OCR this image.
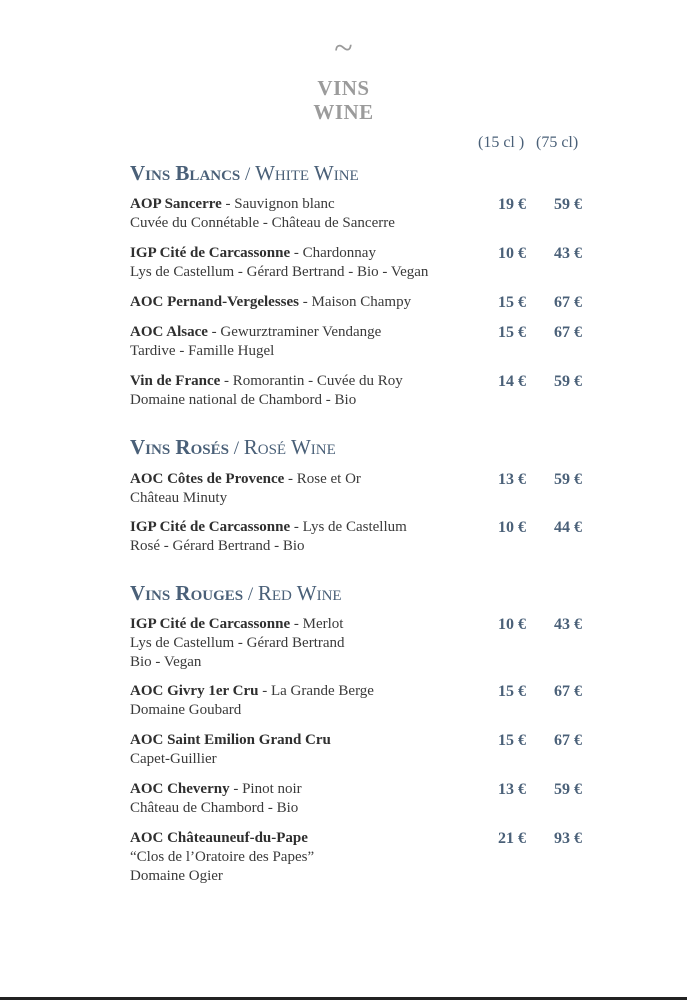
~
VINS
WINE
(15 cl ) (75 cl)
Vins Blancs / White Wine
AOP Sancerre - Sauvignon blanc
Cuvée du Connétable - Château de Sancerre
19 €	59 €
IGP Cité de Carcassonne - Chardonnay
Lys de Castellum - Gérard Bertrand - Bio - Vegan
10 €	43 €
AOC Pernand-Vergelesses - Maison Champy	15 €	67 €
AOC Alsace - Gewurztraminer Vendange
Tardive - Famille Hugel
15 €	67 €
Vin de France - Romorantin - Cuvée du Roy
Domaine national de Chambord - Bio
14 €	59 €
Vins Rosés / Rosé Wine
AOC Côtes de Provence - Rose et Or
Château Minuty
13 €	59 €
IGP Cité de Carcassonne - Lys de Castellum
Rosé - Gérard Bertrand - Bio
10 €	44 €
Vins Rouges / Red Wine
IGP Cité de Carcassonne - Merlot
Lys de Castellum - Gérard Bertrand
Bio - Vegan
10 €	43 €
AOC Givry 1er Cru - La Grande Berge
Domaine Goubard
15 €	67 €
AOC Saint Emilion Grand Cru
Capet-Guillier
15 €	67 €
AOC Cheverny - Pinot noir
Château de Chambord - Bio
13 €	59 €
AOC Châteauneuf-du-Pape
“Clos de l’Oratoire des Papes”
Domaine Ogier
21 €	93 €
